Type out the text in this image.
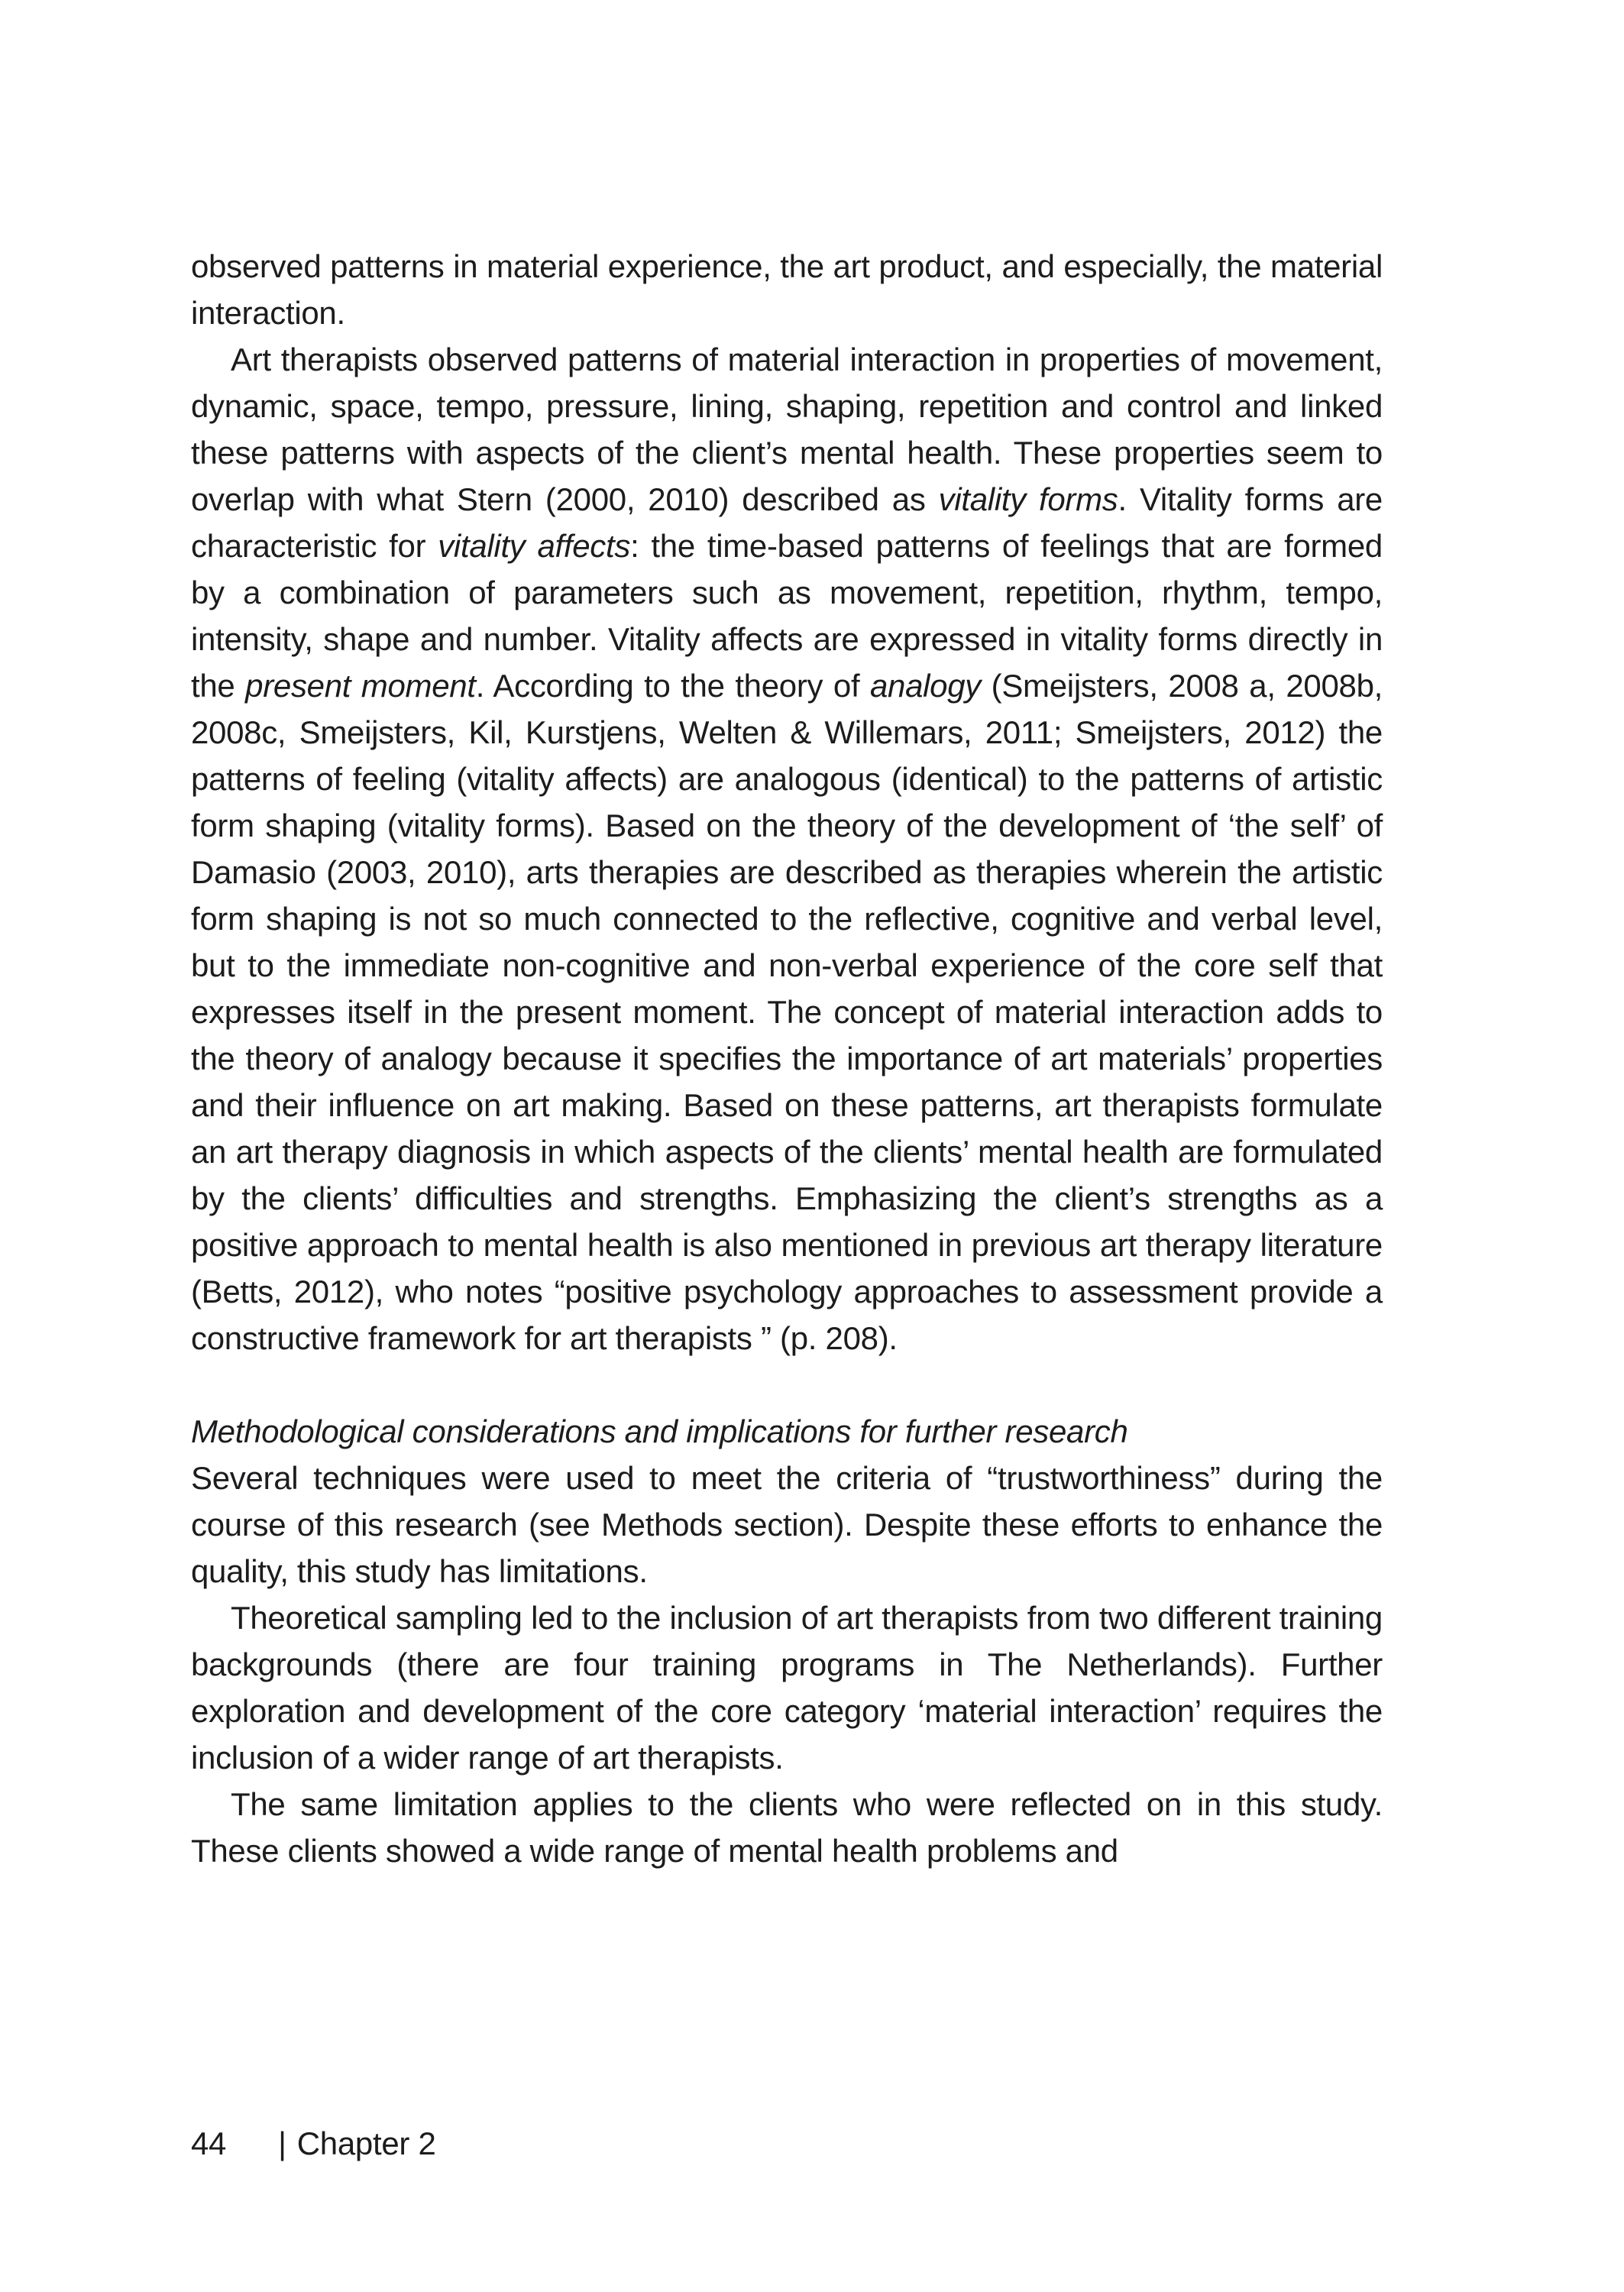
observed patterns in material experience, the art product, and especially, the material interaction.

Art therapists observed patterns of material interaction in properties of movement, dynamic, space, tempo, pressure, lining, shaping, repetition and control and linked these patterns with aspects of the client’s mental health. These properties seem to overlap with what Stern (2000, 2010) described as vitality forms. Vitality forms are characteristic for vitality affects: the time-based patterns of feelings that are formed by a combination of parameters such as movement, repetition, rhythm, tempo, intensity, shape and number. Vitality affects are expressed in vitality forms directly in the present moment. According to the theory of analogy (Smeijsters, 2008 a, 2008b, 2008c, Smeijsters, Kil, Kurstjens, Welten & Willemars, 2011; Smeijsters, 2012) the patterns of feeling (vitality affects) are analogous (identical) to the patterns of artistic form shaping (vitality forms). Based on the theory of the development of ‘the self’ of Damasio (2003, 2010), arts therapies are described as therapies wherein the artistic form shaping is not so much connected to the reflective, cognitive and verbal level, but to the immediate non-cognitive and non-verbal experience of the core self that expresses itself in the present moment. The concept of material interaction adds to the theory of analogy because it specifies the importance of art materials’ properties and their influence on art making. Based on these patterns, art therapists formulate an art therapy diagnosis in which aspects of the clients’ mental health are formulated by the clients’ difficulties and strengths. Emphasizing the client’s strengths as a positive approach to mental health is also mentioned in previous art therapy literature (Betts, 2012), who notes “positive psychology approaches to assessment provide a constructive framework for art therapists ” (p. 208).

Methodological considerations and implications for further research

Several techniques were used to meet the criteria of “trustworthiness” during the course of this research (see Methods section). Despite these efforts to enhance the quality, this study has limitations.

Theoretical sampling led to the inclusion of art therapists from two different training backgrounds (there are four training programs in The Netherlands). Further exploration and development of the core category ‘material interaction’ requires the inclusion of a wider range of art therapists.

The same limitation applies to the clients who were reflected on in this study. These clients showed a wide range of mental health problems and

44 | Chapter 2
